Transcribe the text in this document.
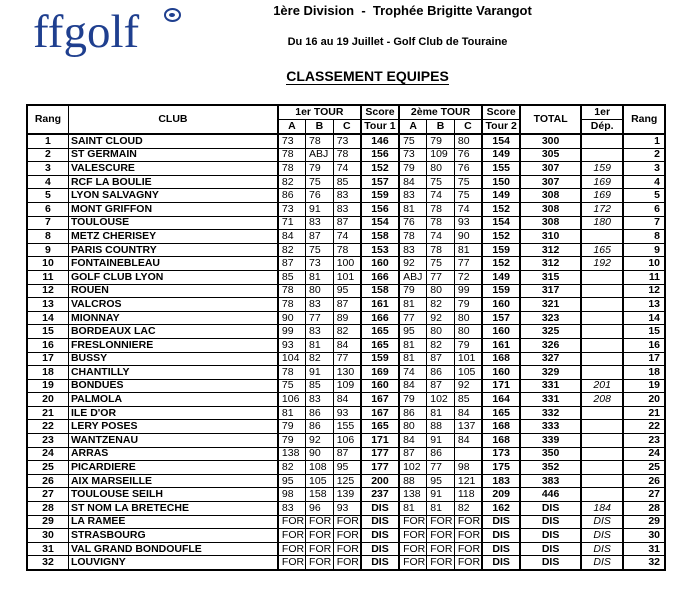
ffgolf	1ère Division  -  Trophée Brigitte Varangot
Du 16 au 19 Juillet - Golf Club de Touraine
CLASSEMENT EQUIPES
Rang	CLUB	1er TOUR			Score	2ème TOUR			Score	TOTAL	1er	Rang
		A	B	C	Tour 1	A	B	C	Tour 2		Dép.	
1	SAINT CLOUD	73	78	73	146	75	79	80	154	300		1
2	ST GERMAIN	78	ABJ	78	156	73	109	76	149	305		2
3	VALESCURE	78	79	74	152	79	80	76	155	307	159	3
4	RCF LA BOULIE	82	75	85	157	84	75	75	150	307	169	4
5	LYON SALVAGNY	86	76	83	159	83	74	75	149	308	169	5
6	MONT GRIFFON	73	91	83	156	81	78	74	152	308	172	6
7	TOULOUSE	71	83	87	154	76	78	93	154	308	180	7
8	METZ CHERISEY	84	87	74	158	78	74	90	152	310		8
9	PARIS COUNTRY	82	75	78	153	83	78	81	159	312	165	9
10	FONTAINEBLEAU	87	73	100	160	92	75	77	152	312	192	10
11	GOLF CLUB LYON	85	81	101	166	ABJ	77	72	149	315		11
12	ROUEN	78	80	95	158	79	80	99	159	317		12
13	VALCROS	78	83	87	161	81	82	79	160	321		13
14	MIONNAY	90	77	89	166	77	92	80	157	323		14
15	BORDEAUX LAC	99	83	82	165	95	80	80	160	325		15
16	FRESLONNIERE	93	81	84	165	81	82	79	161	326		16
17	BUSSY	104	82	77	159	81	87	101	168	327		17
18	CHANTILLY	78	91	130	169	74	86	105	160	329		18
19	BONDUES	75	85	109	160	84	87	92	171	331	201	19
20	PALMOLA	106	83	84	167	79	102	85	164	331	208	20
21	ILE D'OR	81	86	93	167	86	81	84	165	332		21
22	LERY POSES	79	86	155	165	80	88	137	168	333		22
23	WANTZENAU	79	92	106	171	84	91	84	168	339		23
24	ARRAS	138	90	87	177	87	86		173	350		24
25	PICARDIERE	82	108	95	177	102	77	98	175	352		25
26	AIX MARSEILLE	95	105	125	200	88	95	121	183	383		26
27	TOULOUSE SEILH	98	158	139	237	138	91	118	209	446		27
28	ST NOM LA BRETECHE	83	96	93	DIS	81	81	82	162	DIS	184	28
29	LA RAMEE	FOR	FOR	FOR	DIS	FOR	FOR	FOR	DIS	DIS	DIS	29
30	STRASBOURG	FOR	FOR	FOR	DIS	FOR	FOR	FOR	DIS	DIS	DIS	30
31	VAL GRAND BONDOUFLE	FOR	FOR	FOR	DIS	FOR	FOR	FOR	DIS	DIS	DIS	31
32	LOUVIGNY	FOR	FOR	FOR	DIS	FOR	FOR	FOR	DIS	DIS	DIS	32
